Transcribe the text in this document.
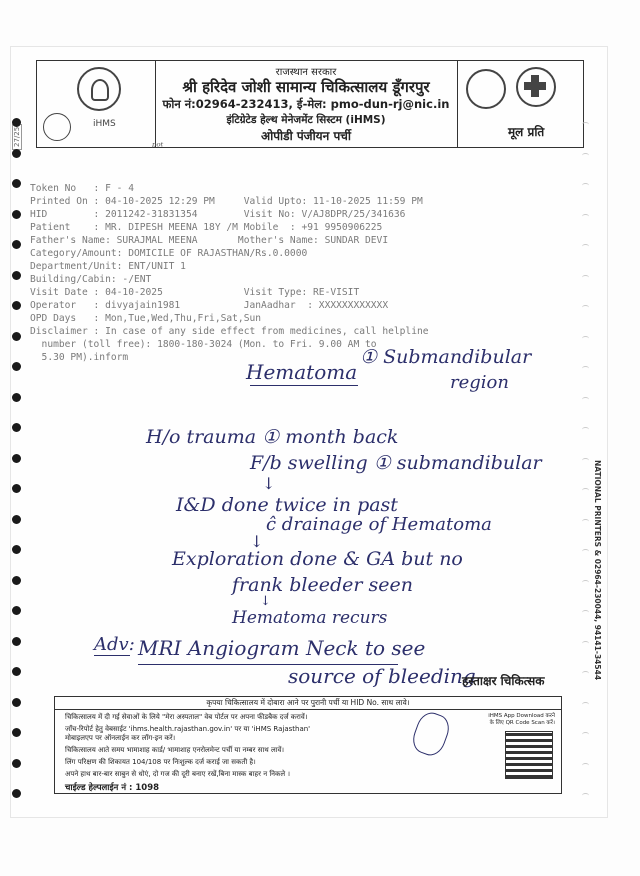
iHMS
राजस्थान सरकार
श्री हरिदेव जोशी सामान्य चिकित्सालय डूँगरपुर
फोन नं:02964-232413, ई-मेल: pmo-dun-rj@nic.in
इंटिग्रेटेड हेल्थ मेनेजमेंट सिस्टम (iHMS)
ओपीडी पंजीयन पर्ची	मूल प्रति
27/25	ᵖᵒᵗ
Token No   : F - 4
Printed On : 04-10-2025 12:29 PM     Valid Upto: 11-10-2025 11:59 PM
HID        : 2011242-31831354        Visit No: V/AJ8DPR/25/341636
Patient    : MR. DIPESH MEENA 18Y /M Mobile  : +91 9950906225
Father's Name: SURAJMAL MEENA       Mother's Name: SUNDAR DEVI
Category/Amount: DOMICILE OF RAJASTHAN/Rs.0.0000
Department/Unit: ENT/UNIT 1
Building/Cabin: -/ENT
Visit Date : 04-10-2025              Visit Type: RE-VISIT
Operator   : divyajain1981           JanAadhar  : XXXXXXXXXXXX
OPD Days   : Mon,Tue,Wed,Thu,Fri,Sat,Sun
Disclaimer : In case of any side effect from medicines, call helpline
number (toll free): 1800-180-3024 (Mon. to Fri. 9.00 AM to
5.30 PM).inform
Hematoma
① Submandibular
region
H/o trauma ① month back
F/b swelling ① submandibular
↓
I&D done twice in past
ĉ drainage of Hematoma
↓
Exploration done & GA but no
frank bleeder seen
↓
Hematoma recurs
Adv: MRI Angiogram Neck to see
source of bleeding
हस्ताक्षर चिकित्सक
कृपया चिकित्सालय में दोबारा आने पर पुरानी पर्ची या HID No. साथ लावे।
चिकित्सालय में दी गई सेवाओं के लिये "मेरा अस्पताल" वेब पोर्टल पर अपना फीडबैक दर्ज करावें।
जाँच-रिपोर्ट हेतु वेबसाईट 'ihms.health.rajasthan.gov.in' पर या 'iHMS Rajasthan'
मोबाइलएप पर ऑनलाईन कर लॉग-इन करें।
चिकित्सालय आते समय भामाशाह कार्ड/ भामाशाह एनरोलमेन्ट पर्ची या नम्बर साथ लावें।
लिंग परिक्षण की शिकायत 104/108 पर निःशुल्क दर्ज कराई जा सकती है।
अपने हाथ बार-बार साबुन से धोएं, दो गज की दूरी बनाए रखें,बिना मास्क बाहर न निकले ।
चाईल्ड हेल्पलाईन नं : 1098
iHMS App Download करने
के लिए QR Code Scan करें।
NATIONAL PRINTERS & 02964-230044, 94141-34544
